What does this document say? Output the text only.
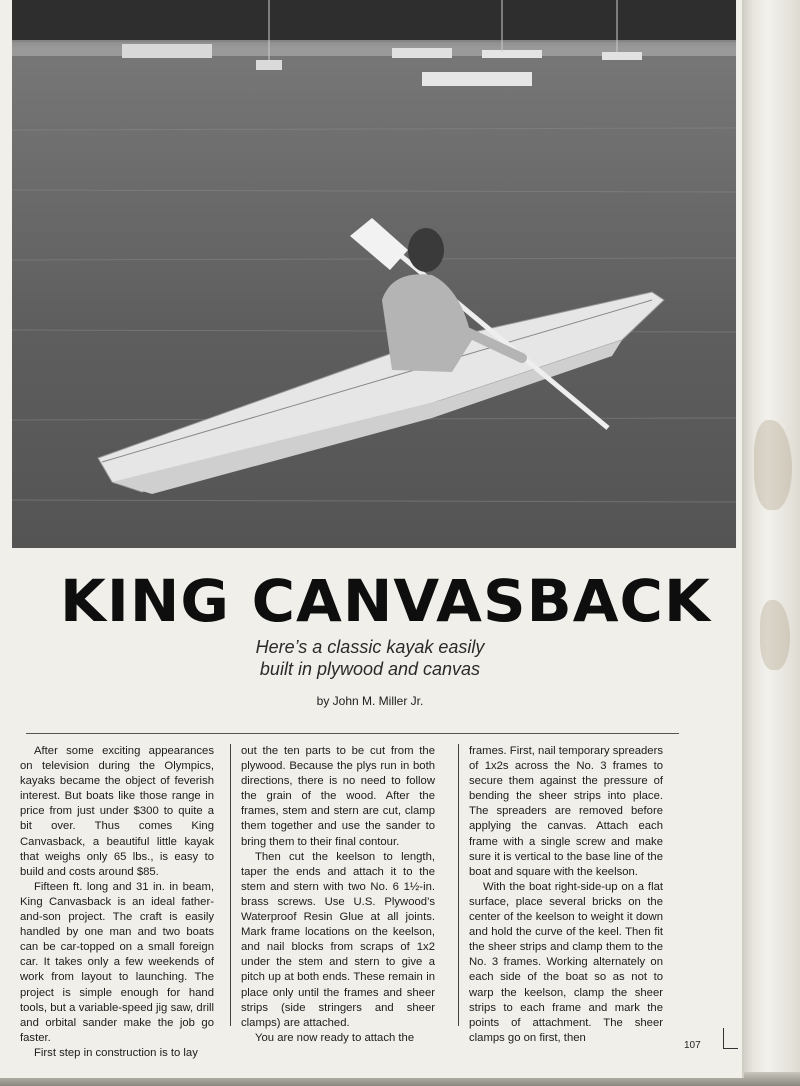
KING CANVASBACK
Here’s a classic kayak easily
built in plywood and canvas
by John M. Miller Jr.

After some exciting appearances on television during the Olympics, kayaks became the object of feverish interest. But boats like those range in price from just under $300 to quite a bit over. Thus comes King Canvasback, a beautiful little kayak that weighs only 65 lbs., is easy to build and costs around $85.

Fifteen ft. long and 31 in. in beam, King Canvasback is an ideal father-and-son project. The craft is easily handled by one man and two boats can be car-topped on a small foreign car. It takes only a few weekends of work from layout to launching. The project is simple enough for hand tools, but a variable-speed jig saw, drill and orbital sander make the job go faster.

First step in construction is to lay

out the ten parts to be cut from the plywood. Because the plys run in both directions, there is no need to follow the grain of the wood. After the frames, stem and stern are cut, clamp them together and use the sander to bring them to their final contour.

Then cut the keelson to length, taper the ends and attach it to the stem and stern with two No. 6 1½-in. brass screws. Use U.S. Plywood’s Waterproof Resin Glue at all joints. Mark frame locations on the keelson, and nail blocks from scraps of 1x2 under the stem and stern to give a pitch up at both ends. These remain in place only until the frames and sheer strips (side stringers and sheer clamps) are attached.

You are now ready to attach the

frames. First, nail temporary spreaders of 1x2s across the No. 3 frames to secure them against the pressure of bending the sheer strips into place. The spreaders are removed before applying the canvas. Attach each frame with a single screw and make sure it is vertical to the base line of the boat and square with the keelson.

With the boat right-side-up on a flat surface, place several bricks on the center of the keelson to weight it down and hold the curve of the keel. Then fit the sheer strips and clamp them to the No. 3 frames. Working alternately on each side of the boat so as not to warp the keelson, clamp the sheer strips to each frame and mark the points of attachment. The sheer clamps go on first, then

107
